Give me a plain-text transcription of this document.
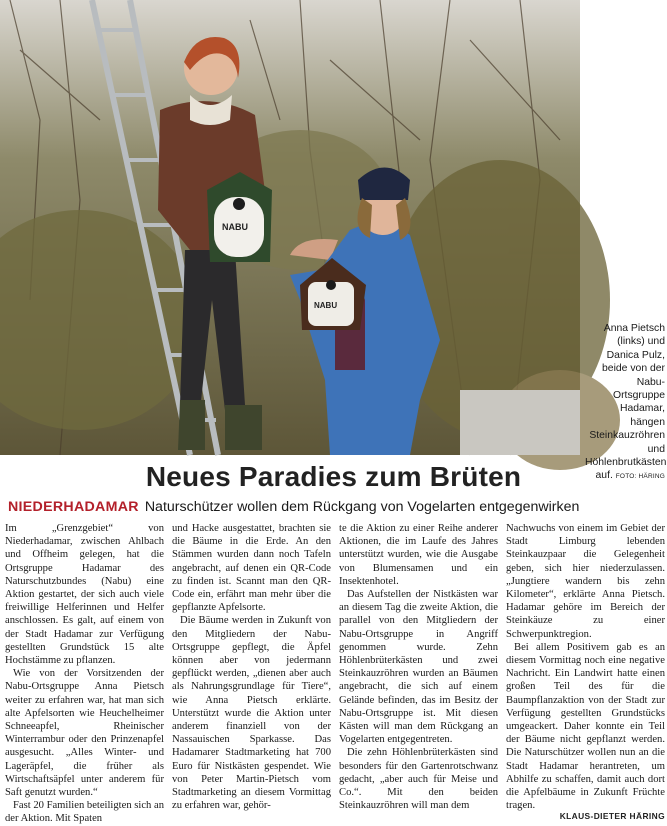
NABU
NABU
Anna Pietsch (links) und Danica Pulz, beide von der Nabu-Ortsgruppe Hadamar, hängen Steinkauzröhren und Höhlenbrutkästen auf. FOTO: HÄRING
Neues Paradies zum Brüten
NIEDERHADAMAR Naturschützer wollen dem Rückgang von Vogelarten entgegenwirken

Im „Grenzgebiet“ von Niederhadamar, zwischen Ahlbach und Offheim gelegen, hat die Ortsgruppe Hadamar des Naturschutzbundes (Nabu) eine Aktion gestartet, der sich auch viele freiwillige Helferinnen und Helfer anschlossen. Es galt, auf einem von der Stadt Hadamar zur Verfügung gestellten Grundstück 15 alte Hochstämme zu pflanzen.

Wie von der Vorsitzenden der Nabu-Ortsgruppe Anna Pietsch weiter zu erfahren war, hat man sich alte Apfelsorten wie Heuchelheimer Schneeapfel, Rheinischer Winterrambur oder den Prinzenapfel ausgesucht. „Alles Winter- und Lageräpfel, die früher als Wirtschaftsäpfel unter anderem für Saft genutzt wurden.“

Fast 20 Familien beteiligten sich an der Aktion. Mit Spaten

und Hacke ausgestattet, brachten sie die Bäume in die Erde. An den Stämmen wurden dann noch Tafeln angebracht, auf denen ein QR-Code zu finden ist. Scannt man den QR-Code ein, erfährt man mehr über die gepflanzte Apfelsorte.

Die Bäume werden in Zukunft von den Mitgliedern der Nabu-Ortsgruppe gepflegt, die Äpfel können aber von jedermann gepflückt werden, „dienen aber auch als Nahrungsgrundlage für Tiere“, wie Anna Pietsch erklärte. Unterstützt wurde die Aktion unter anderem finanziell von der Nassauischen Sparkasse. Das Hadamarer Stadtmarketing hat 700 Euro für Nistkästen gespendet. Wie von Peter Martin-Pietsch vom Stadtmarketing an diesem Vormittag zu erfahren war, gehör-

te die Aktion zu einer Reihe anderer Aktionen, die im Laufe des Jahres unterstützt wurden, wie die Ausgabe von Blumensamen und ein Insektenhotel.

Das Aufstellen der Nistkästen war an diesem Tag die zweite Aktion, die parallel von den Mitgliedern der Nabu-Ortsgruppe in Angriff genommen wurde. Zehn Höhlenbrüterkästen und zwei Steinkauzröhren wurden an Bäumen angebracht, die sich auf einem Gelände befinden, das im Besitz der Nabu-Ortsgruppe ist. Mit diesen Kästen will man dem Rückgang an Vogelarten entgegentreten.

Die zehn Höhlenbrüterkästen sind besonders für den Gartenrotschwanz gedacht, „aber auch für Meise und Co.“. Mit den beiden Steinkauzröhren will man dem

Nachwuchs von einem im Gebiet der Stadt Limburg lebenden Steinkauzpaar die Gelegenheit geben, sich hier niederzulassen. „Jungtiere wandern bis zehn Kilometer“, erklärte Anna Pietsch. Hadamar gehöre im Bereich der Steinkäuze zu einer Schwerpunktregion.

Bei allem Positivem gab es an diesem Vormittag noch eine negative Nachricht. Ein Landwirt hatte einen großen Teil des für die Baumpflanzaktion von der Stadt zur Verfügung gestellten Grundstücks umgeackert. Daher konnte ein Teil der Bäume nicht gepflanzt werden. Die Naturschützer wollen nun an die Stadt Hadamar herantreten, um Abhilfe zu schaffen, damit auch dort die Apfelbäume in Zukunft Früchte tragen.

KLAUS-DIETER HÄRING
